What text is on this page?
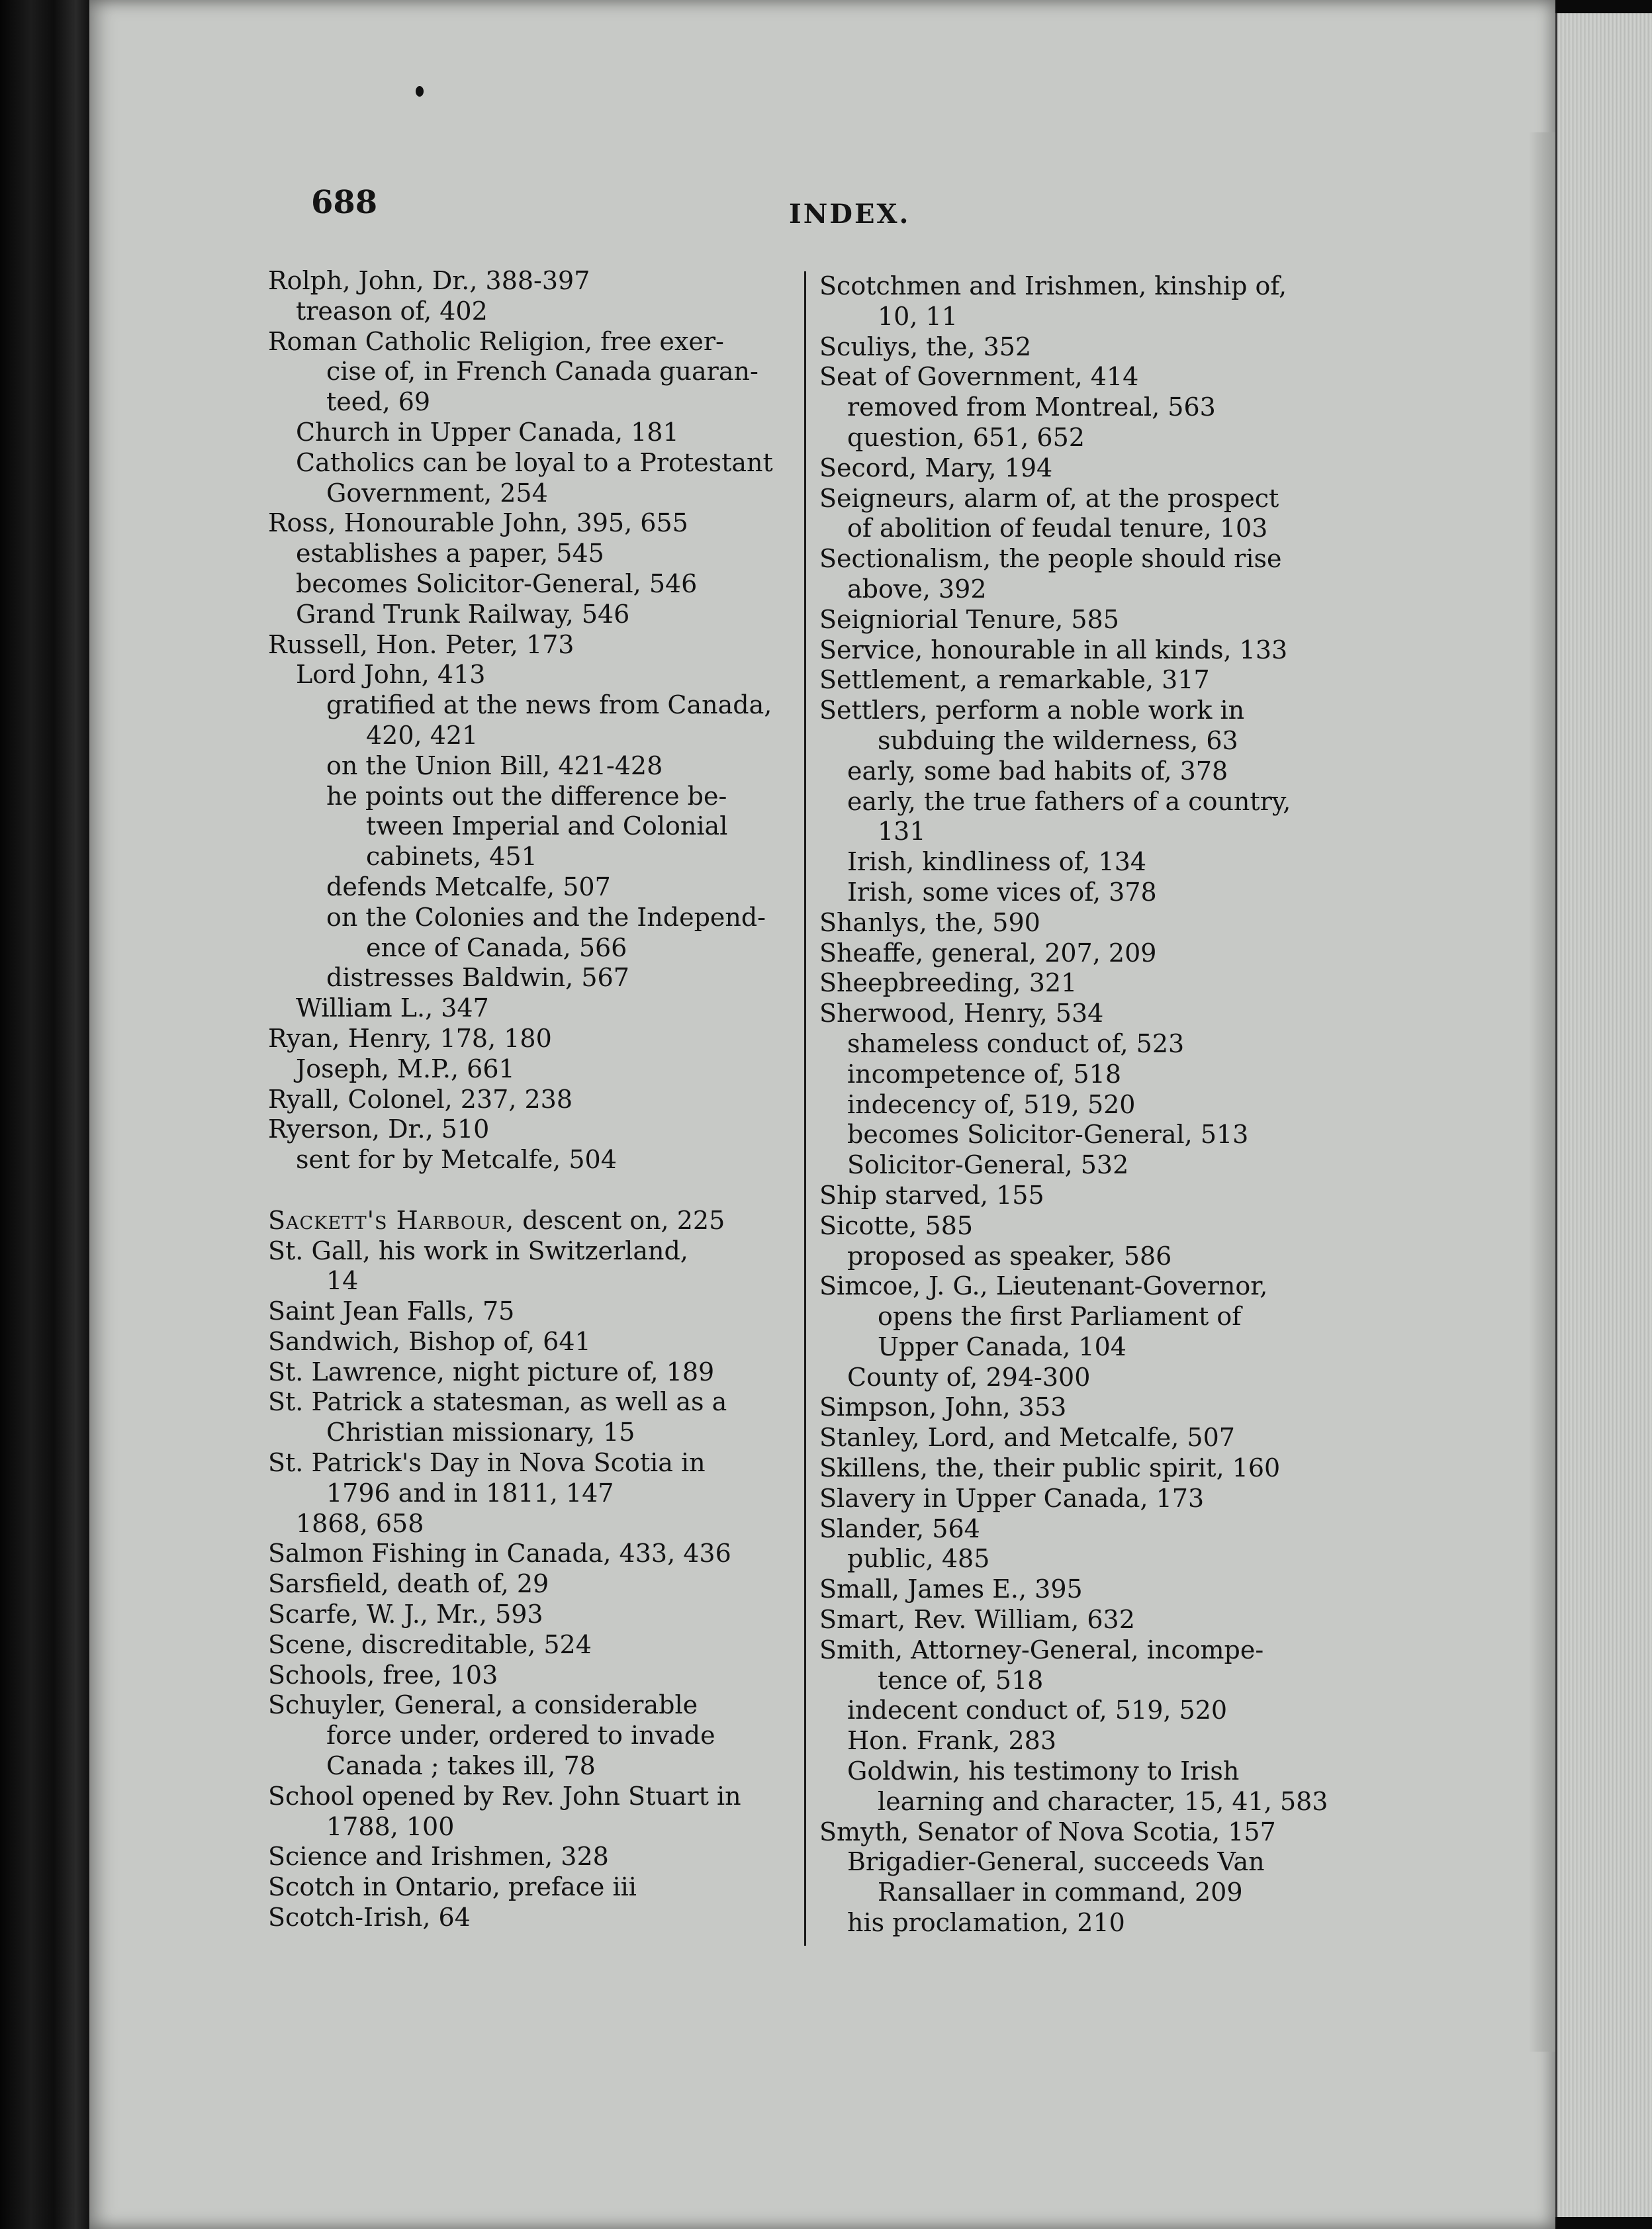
688	INDEX.
Rolph, John, Dr., 388-397
treason of, 402
Roman Catholic Religion, free exer-
cise of, in French Canada guaran-
teed, 69
Church in Upper Canada, 181
Catholics can be loyal to a Protestant
Government, 254
Ross, Honourable John, 395, 655
establishes a paper, 545
becomes Solicitor-General, 546
Grand Trunk Railway, 546
Russell, Hon. Peter, 173
Lord John, 413
gratified at the news from Canada,
420, 421
on the Union Bill, 421-428
he points out the difference be-
tween Imperial and Colonial
cabinets, 451
defends Metcalfe, 507
on the Colonies and the Independ-
ence of Canada, 566
distresses Baldwin, 567
William L., 347
Ryan, Henry, 178, 180
Joseph, M.P., 661
Ryall, Colonel, 237, 238
Ryerson, Dr., 510
sent for by Metcalfe, 504
Sackett's Harbour, descent on, 225
St. Gall, his work in Switzerland,
14
Saint Jean Falls, 75
Sandwich, Bishop of, 641
St. Lawrence, night picture of, 189
St. Patrick a statesman, as well as a
Christian missionary, 15
St. Patrick's Day in Nova Scotia in
1796 and in 1811, 147
1868, 658
Salmon Fishing in Canada, 433, 436
Sarsfield, death of, 29
Scarfe, W. J., Mr., 593
Scene, discreditable, 524
Schools, free, 103
Schuyler, General, a considerable
force under, ordered to invade
Canada ; takes ill, 78
School opened by Rev. John Stuart in
1788, 100
Science and Irishmen, 328
Scotch in Ontario, preface iii
Scotch-Irish, 64
Scotchmen and Irishmen, kinship of,
10, 11
Sculiys, the, 352
Seat of Government, 414
removed from Montreal, 563
question, 651, 652
Secord, Mary, 194
Seigneurs, alarm of, at the prospect
of abolition of feudal tenure, 103
Sectionalism, the people should rise
above, 392
Seigniorial Tenure, 585
Service, honourable in all kinds, 133
Settlement, a remarkable, 317
Settlers, perform a noble work in
subduing the wilderness, 63
early, some bad habits of, 378
early, the true fathers of a country,
131
Irish, kindliness of, 134
Irish, some vices of, 378
Shanlys, the, 590
Sheaffe, general, 207, 209
Sheepbreeding, 321
Sherwood, Henry, 534
shameless conduct of, 523
incompetence of, 518
indecency of, 519, 520
becomes Solicitor-General, 513
Solicitor-General, 532
Ship starved, 155
Sicotte, 585
proposed as speaker, 586
Simcoe, J. G., Lieutenant-Governor,
opens the first Parliament of
Upper Canada, 104
County of, 294-300
Simpson, John, 353
Stanley, Lord, and Metcalfe, 507
Skillens, the, their public spirit, 160
Slavery in Upper Canada, 173
Slander, 564
public, 485
Small, James E., 395
Smart, Rev. William, 632
Smith, Attorney-General, incompe-
tence of, 518
indecent conduct of, 519, 520
Hon. Frank, 283
Goldwin, his testimony to Irish
learning and character, 15, 41, 583
Smyth, Senator of Nova Scotia, 157
Brigadier-General, succeeds Van
Ransallaer in command, 209
his proclamation, 210
